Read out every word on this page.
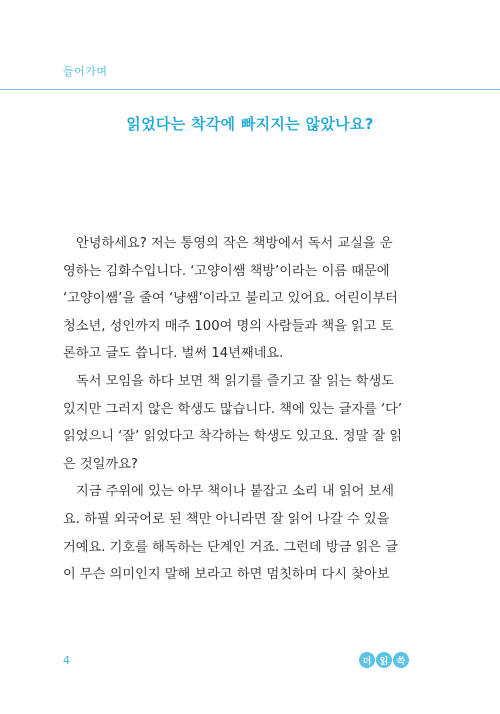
들어가며
읽었다는 착각에 빠지지는 않았나요?
안녕하세요? 저는 통영의 작은 책방에서 독서 교실을 운
영하는 김화수입니다. ‘고양이쌤 책방’이라는 이름 때문에
‘고양이쌤’을 줄여 ‘냥쌤’이라고 불리고 있어요. 어린이부터
청소년, 성인까지 매주 100여 명의 사람들과 책을 읽고 토
론하고 글도 씁니다. 벌써 14년째네요.
독서 모임을 하다 보면 책 읽기를 즐기고 잘 읽는 학생도
있지만 그러지 않은 학생도 많습니다. 책에 있는 글자를 ‘다’
읽었으니 ‘잘’ 읽었다고 착각하는 학생도 있고요. 정말 잘 읽
은 것일까요?
지금 주위에 있는 아무 책이나 붙잡고 소리 내 읽어 보세
요. 하필 외국어로 된 책만 아니라면 잘 읽어 나갈 수 있을
거예요. 기호를 해독하는 단계인 거죠. 그런데 방금 읽은 글
이 무슨 의미인지 말해 보라고 하면 멈칫하며 다시 찾아보
4	더 읽 쓱
